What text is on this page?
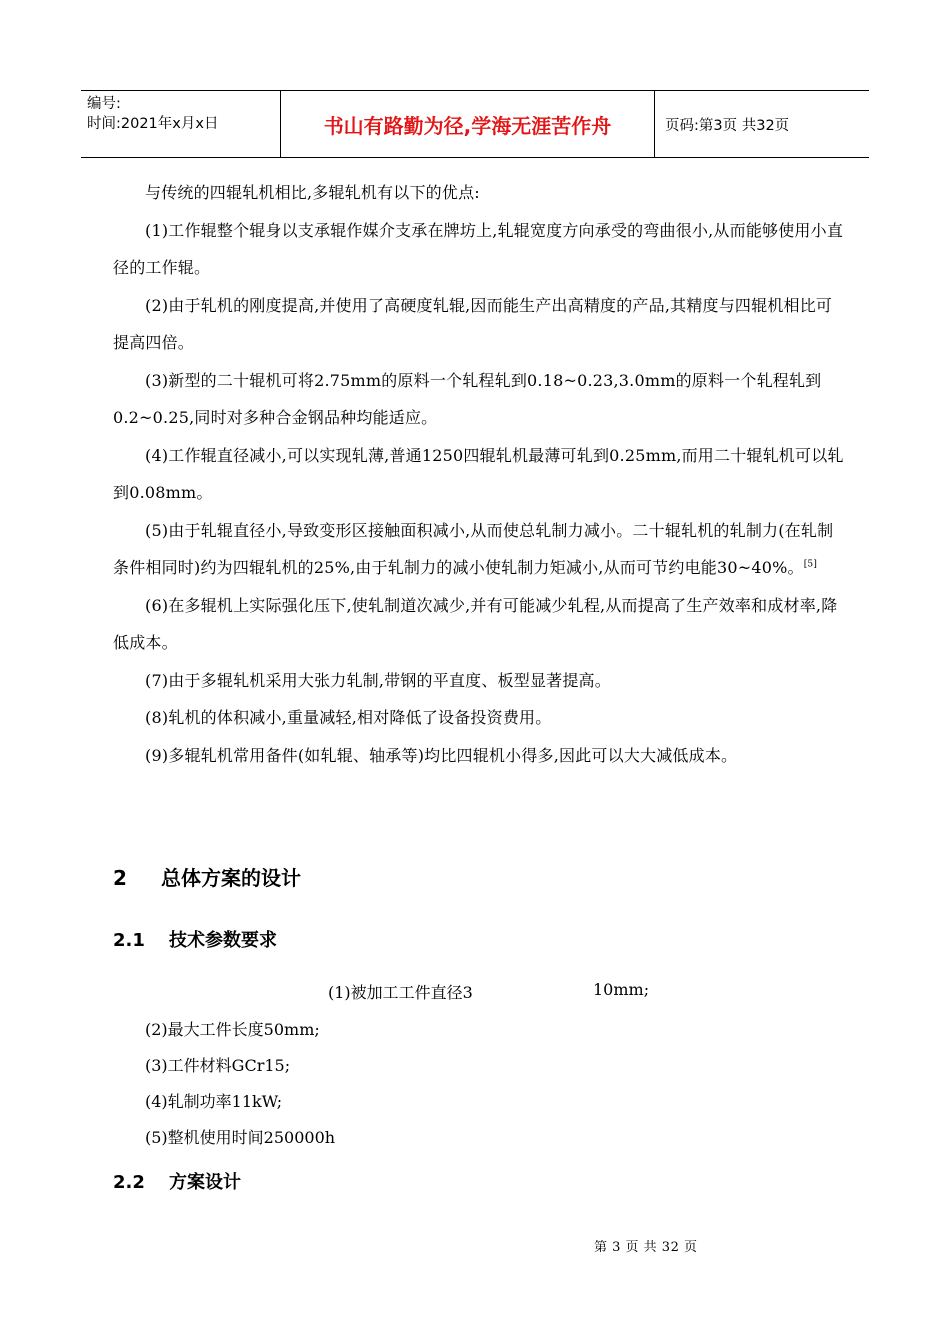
编号:
时间:2021年x月x日	书山有路勤为径,学海无涯苦作舟	页码:第3页 共32页

与传统的四辊轧机相比,多辊轧机有以下的优点:

(1)工作辊整个辊身以支承辊作媒介支承在牌坊上,轧辊宽度方向承受的弯曲很小,从而能够使用小直径的工作辊。

(2)由于轧机的刚度提高,并使用了高硬度轧辊,因而能生产出高精度的产品,其精度与四辊机相比可提高四倍。

(3)新型的二十辊机可将2.75mm的原料一个轧程轧到0.18~0.23,3.0mm的原料一个轧程轧到0.2~0.25,同时对多种合金钢品种均能适应。

(4)工作辊直径减小,可以实现轧薄,普通1250四辊轧机最薄可轧到0.25mm,而用二十辊轧机可以轧到0.08mm。

(5)由于轧辊直径小,导致变形区接触面积减小,从而使总轧制力减小。二十辊轧机的轧制力(在轧制条件相同时)约为四辊轧机的25%,由于轧制力的减小使轧制力矩减小,从而可节约电能30~40%。[5]

(6)在多辊机上实际强化压下,使轧制道次减少,并有可能减少轧程,从而提高了生产效率和成材率,降低成本。

(7)由于多辊轧机采用大张力轧制,带钢的平直度、板型显著提高。

(8)轧机的体积减小,重量减轻,相对降低了设备投资费用。

(9)多辊轧机常用备件(如轧辊、轴承等)均比四辊机小得多,因此可以大大减低成本。

2 总体方案的设计
2.1 技术参数要求
(1)被加工工件直径3	10mm;
(2)最大工件长度50mm;
(3)工件材料GCr15;
(4)轧制功率11kW;
(5)整机使用时间250000h
2.2 方案设计
第 3 页 共 32 页
